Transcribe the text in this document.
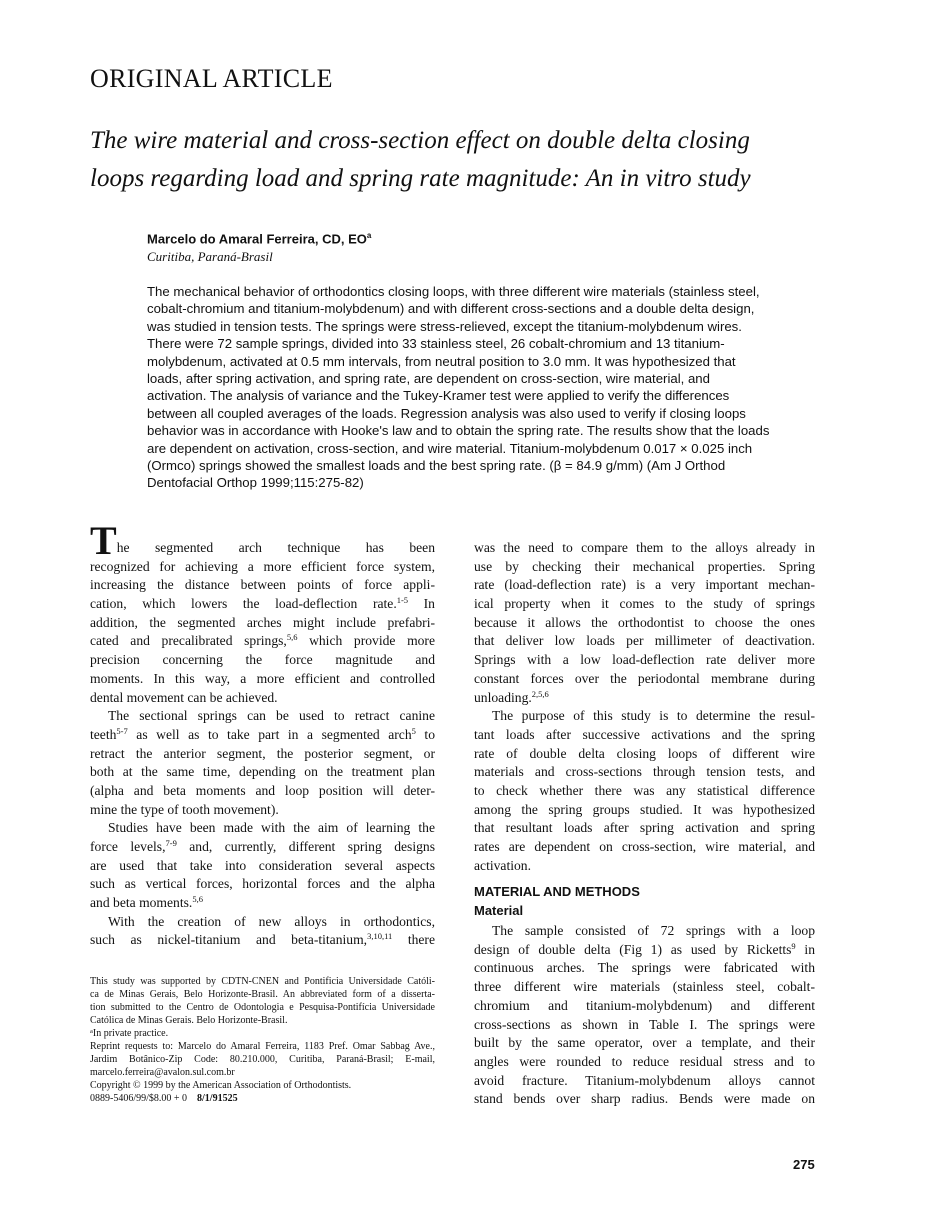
ORIGINAL ARTICLE
The wire material and cross-section effect on double delta closing
loops regarding load and spring rate magnitude: An in vitro study
Marcelo do Amaral Ferreira, CD, $EO^a$
Curitiba, Paraná-Brasil
The mechanical behavior of orthodontics closing loops, with three different wire materials (stainless steel,
cobalt-chromium and titanium-molybdenum) and with different cross-sections and a double delta design,
was studied in tension tests. The springs were stress-relieved, except the titanium-molybdenum wires.
There were 72 sample springs, divided into 33 stainless steel, 26 cobalt-chromium and 13 titanium-
molybdenum, activated at 0.5 mm intervals, from neutral position to 3.0 mm. It was hypothesized that
loads, after spring activation, and spring rate, are dependent on cross-section, wire material, and
activation. The analysis of variance and the Tukey-Kramer test were applied to verify the differences
between all coupled averages of the loads. Regression analysis was also used to verify if closing loops
behavior was in accordance with Hooke's law and to obtain the spring rate. The results show that the loads
are dependent on activation, cross-section, and wire material. Titanium-molybdenum 0.017 × 0.025 inch
(Ormco) springs showed the smallest loads and the best spring rate. (β = 84.9 g/mm) (Am J Orthod
Dentofacial Orthop 1999;115:275-82)
The segmented arch technique has been
recognized for achieving a more efficient force system,
increasing the distance between points of force appli-
cation, which lowers the load-deflection rate.$^{1-5}$ In
addition, the segmented arches might include prefabri-
cated and precalibrated springs,$^{5,6}$ which provide more
precision concerning the force magnitude and
moments. In this way, a more efficient and controlled
dental movement can be achieved.
The sectional springs can be used to retract canine
teeth$^{5-7}$ as well as to take part in a segmented arch$^5$ to
retract the anterior segment, the posterior segment, or
both at the same time, depending on the treatment plan
(alpha and beta moments and loop position will deter-
mine the type of tooth movement).
Studies have been made with the aim of learning the
force levels,$^{7-9}$ and, currently, different spring designs
are used that take into consideration several aspects
such as vertical forces, horizontal forces and the alpha
and beta moments.$^{5,6}$
With the creation of new alloys in orthodontics,
such as nickel-titanium and beta-titanium,$^{3,10,11}$ there
was the need to compare them to the alloys already in
use by checking their mechanical properties. Spring
rate (load-deflection rate) is a very important mechan-
ical property when it comes to the study of springs
because it allows the orthodontist to choose the ones
that deliver low loads per millimeter of deactivation.
Springs with a low load-deflection rate deliver more
constant forces over the periodontal membrane during
unloading.$^{2,5,6}$
The purpose of this study is to determine the resul-
tant loads after successive activations and the spring
rate of double delta closing loops of different wire
materials and cross-sections through tension tests, and
to check whether there was any statistical difference
among the spring groups studied. It was hypothesized
that resultant loads after spring activation and spring
rates are dependent on cross-section, wire material, and
activation.
MATERIAL AND METHODS
Material
The sample consisted of 72 springs with a loop
design of double delta (Fig 1) as used by Ricketts$^9$ in
continuous arches. The springs were fabricated with
three different wire materials (stainless steel, cobalt-
chromium and titanium-molybdenum) and different
cross-sections as shown in Table I. The springs were
built by the same operator, over a template, and their
angles were rounded to reduce residual stress and to
avoid fracture. Titanium-molybdenum alloys cannot
stand bends over sharp radius. Bends were made on
This study was supported by CDTN-CNEN and Pontificia Universidade Católi-
ca de Minas Gerais, Belo Horizonte-Brasil. An abbreviated form of a disserta-
tion submitted to the Centro de Odontologia e Pesquisa-Pontifícia Universidade
Católica de Minas Gerais. Belo Horizonte-Brasil.
$^a$In private practice.
Reprint requests to: Marcelo do Amaral Ferreira, 1183 Pref. Omar Sabbag Ave.,
Jardim Botânico-Zip Code: 80.210.000, Curitiba, Paraná-Brasil; E-mail,
marcelo.ferreira@avalon.sul.com.br
Copyright © 1999 by the American Association of Orthodontists.
0889-5406/99/$8.00 + 0 8/1/91525
275
